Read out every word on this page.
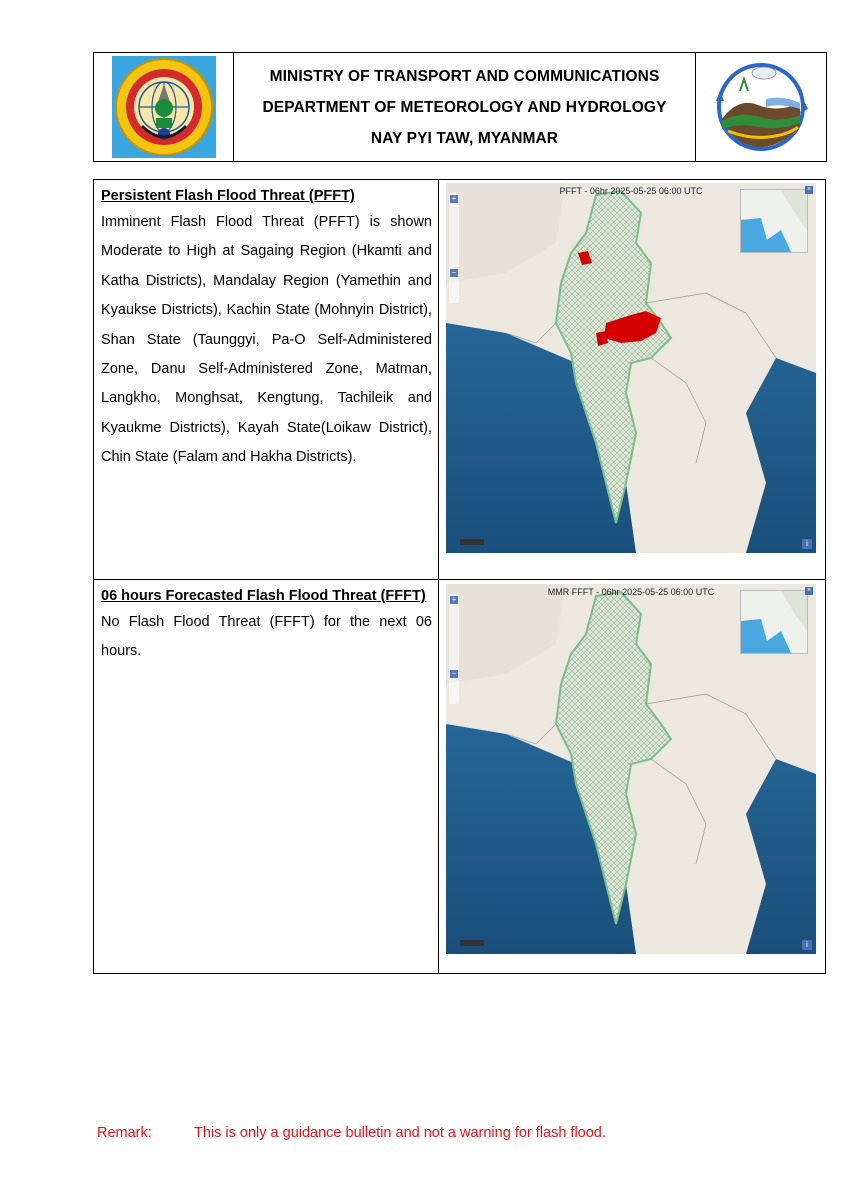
MINISTRY OF TRANSPORT AND COMMUNICATIONS
DEPARTMENT OF METEOROLOGY AND HYDROLOGY
NAY PYI TAW, MYANMAR
Persistent Flash Flood Threat (PFFT)
Imminent Flash Flood Threat (PFFT) is shown Moderate to High at Sagaing Region (Hkamti and Katha Districts), Mandalay Region (Yamethin and Kyaukse Districts), Kachin State (Mohnyin District), Shan State (Taunggyi, Pa-O Self-Administered Zone, Danu Self-Administered Zone, Matman, Langkho, Monghsat, Kengtung, Tachileik and Kyaukme Districts), Kayah State(Loikaw District), Chin State (Falam and Hakha Districts).
PFFT - 06hr 2025-05-25 06:00 UTC
+
−
×
i
06 hours Forecasted Flash Flood Threat (FFFT)
No Flash Flood Threat (FFFT) for the next 06 hours.
MMR FFFT - 06hr 2025-05-25 06:00 UTC
+
−
×
i
Remark:	This is only a guidance bulletin and not a warning for flash flood.
